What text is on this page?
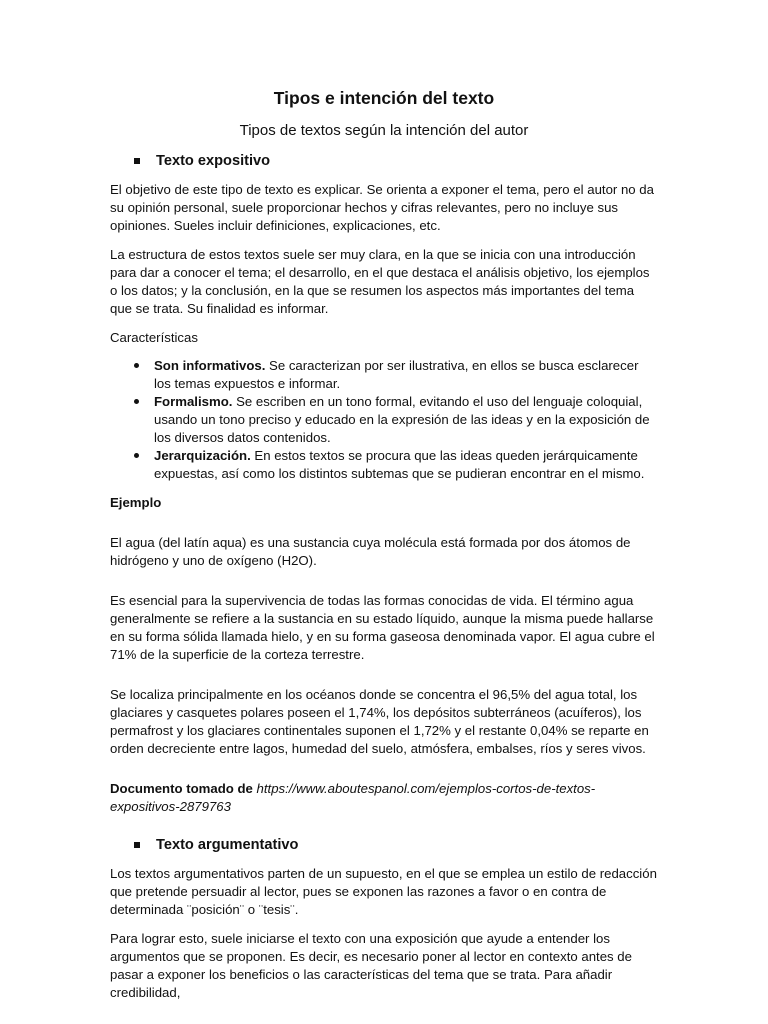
Tipos e intención del texto
Tipos de textos según la intención del autor
Texto expositivo

El objetivo de este tipo de texto es explicar. Se orienta a exponer el tema, pero el autor no da su opinión personal, suele proporcionar hechos y cifras relevantes, pero no incluye sus opiniones. Sueles incluir definiciones, explicaciones, etc.

La estructura de estos textos suele ser muy clara, en la que se inicia con una introducción para dar a conocer el tema; el desarrollo, en el que destaca el análisis objetivo, los ejemplos o los datos; y la conclusión, en la que se resumen los aspectos más importantes del tema que se trata. Su finalidad es informar.

Características
Son informativos. Se caracterizan por ser ilustrativa, en ellos se busca esclarecer los temas expuestos e informar.
Formalismo. Se escriben en un tono formal, evitando el uso del lenguaje coloquial, usando un tono preciso y educado en la expresión de las ideas y en la exposición de los diversos datos contenidos.
Jerarquización. En estos textos se procura que las ideas queden jerárquicamente expuestas, así como los distintos subtemas que se pudieran encontrar en el mismo.
Ejemplo

El agua (del latín aqua) es una sustancia cuya molécula está formada por dos átomos de hidrógeno y uno de oxígeno (H2O).

Es esencial para la supervivencia de todas las formas conocidas de vida. El término agua generalmente se refiere a la sustancia en su estado líquido, aunque la misma puede hallarse en su forma sólida llamada hielo, y en su forma gaseosa denominada vapor. El agua cubre el 71% de la superficie de la corteza terrestre.

Se localiza principalmente en los océanos donde se concentra el 96,5% del agua total, los glaciares y casquetes polares poseen el 1,74%, los depósitos subterráneos (acuíferos), los permafrost y los glaciares continentales suponen el 1,72% y el restante 0,04% se reparte en orden decreciente entre lagos, humedad del suelo, atmósfera, embalses, ríos y seres vivos.

Documento tomado de https://www.aboutespanol.com/ejemplos-cortos-de-textos-expositivos-2879763

Texto argumentativo

Los textos argumentativos parten de un supuesto, en el que se emplea un estilo de redacción que pretende persuadir al lector, pues se exponen las razones a favor o en contra de determinada ¨posición¨ o ¨tesis¨.

Para lograr esto, suele iniciarse el texto con una exposición que ayude a entender los argumentos que se proponen. Es decir, es necesario poner al lector en contexto antes de pasar a exponer los beneficios o las características del tema que se trata. Para añadir credibilidad,
